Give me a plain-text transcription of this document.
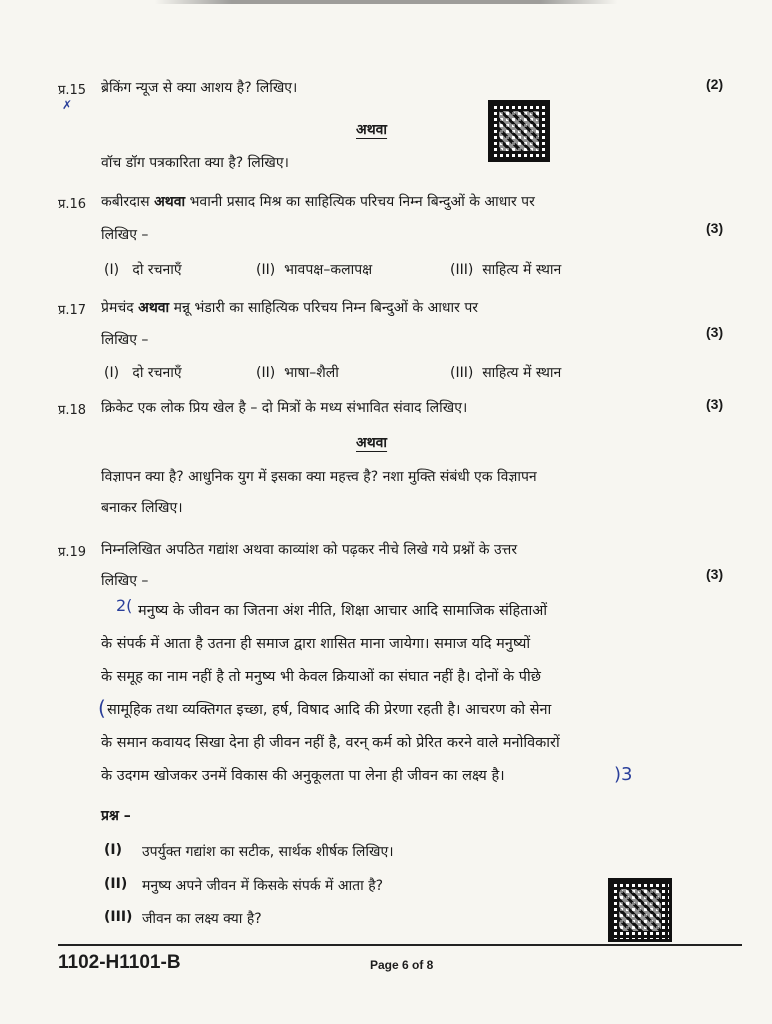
प्र.15 ब्रेकिंग न्यूज से क्या आशय है? लिखिए।	(2)
✗
अथवा
वॉच डॉग पत्रकारिता क्या है? लिखिए।
प्र.16 कबीरदास अथवा भवानी प्रसाद मिश्र का साहित्यिक परिचय निम्न बिन्दुओं के आधार पर
लिखिए –	(3)
(I)   दो रचनाएँ	(II)  भावपक्ष–कलापक्ष	(III)  साहित्य में स्थान
प्र.17 प्रेमचंद अथवा मन्नू भंडारी का साहित्यिक परिचय निम्न बिन्दुओं के आधार पर
लिखिए –	(3)
(I)   दो रचनाएँ	(II)  भाषा–शैली	(III)  साहित्य में स्थान
प्र.18 क्रिकेट एक लोक प्रिय खेल है – दो मित्रों के मध्य संभावित संवाद लिखिए।	(3)
अथवा
विज्ञापन क्या है? आधुनिक युग में इसका क्या महत्त्व है? नशा मुक्ति संबंधी एक विज्ञापन
बनाकर लिखिए।
प्र.19 निम्नलिखित अपठित गद्यांश अथवा काव्यांश को पढ़कर नीचे लिखे गये प्रश्नों के उत्तर
लिखिए –	(3)
2( मनुष्य के जीवन का जितना अंश नीति, शिक्षा आचार आदि सामाजिक संहिताओं
के संपर्क में आता है उतना ही समाज द्वारा शासित माना जायेगा। समाज यदि मनुष्यों
के समूह का नाम नहीं है तो मनुष्य भी केवल क्रियाओं का संघात नहीं है। दोनों के पीछे
( सामूहिक तथा व्यक्तिगत इच्छा, हर्ष, विषाद आदि की प्रेरणा रहती है। आचरण को सेना
के समान कवायद सिखा देना ही जीवन नहीं है, वरन् कर्म को प्रेरित करने वाले मनोविकारों
के उदगम खोजकर उनमें विकास की अनुकूलता पा लेना ही जीवन का लक्ष्य है।	)3
प्रश्न –
(I) उपर्युक्त गद्यांश का सटीक, सार्थक शीर्षक लिखिए।
(II) मनुष्य अपने जीवन में किसके संपर्क में आता है?
(III) जीवन का लक्ष्य क्या है?
1102-H1101-B	Page 6 of 8
